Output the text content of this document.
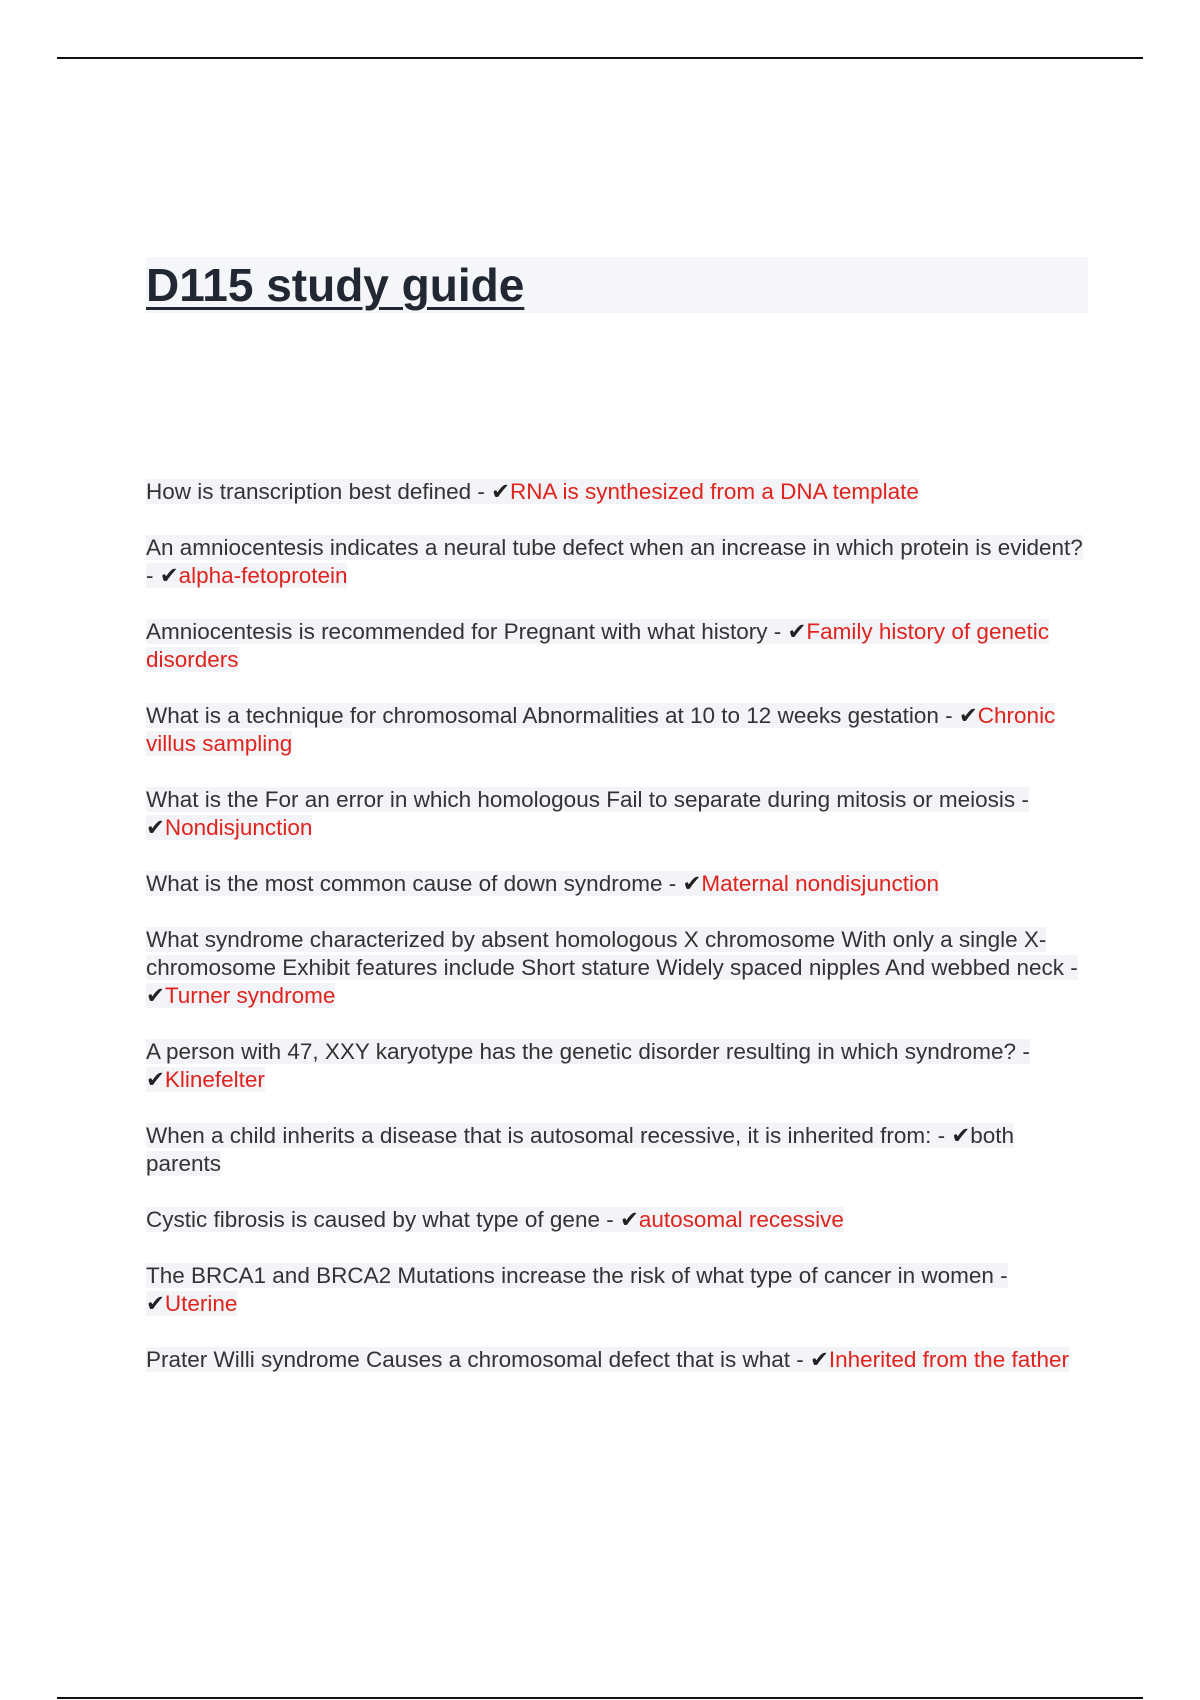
D115 study guide

How is transcription best defined - ✔RNA is synthesized from a DNA template

An amniocentesis indicates a neural tube defect when an increase in which protein is evident? - ✔alpha-fetoprotein

Amniocentesis is recommended for Pregnant with what history - ✔Family history of genetic disorders

What is a technique for chromosomal Abnormalities at 10 to 12 weeks gestation - ✔Chronic villus sampling

What is the For an error in which homologous Fail to separate during mitosis or meiosis - ✔Nondisjunction

What is the most common cause of down syndrome - ✔Maternal nondisjunction

What syndrome characterized by absent homologous X chromosome With only a single X-chromosome Exhibit features include Short stature Widely spaced nipples And webbed neck - ✔Turner syndrome

A person with 47, XXY karyotype has the genetic disorder resulting in which syndrome? - ✔Klinefelter

When a child inherits a disease that is autosomal recessive, it is inherited from: - ✔both parents

Cystic fibrosis is caused by what type of gene - ✔autosomal recessive

The BRCA1 and BRCA2 Mutations increase the risk of what type of cancer in women - ✔Uterine

Prater Willi syndrome Causes a chromosomal defect that is what - ✔Inherited from the father
